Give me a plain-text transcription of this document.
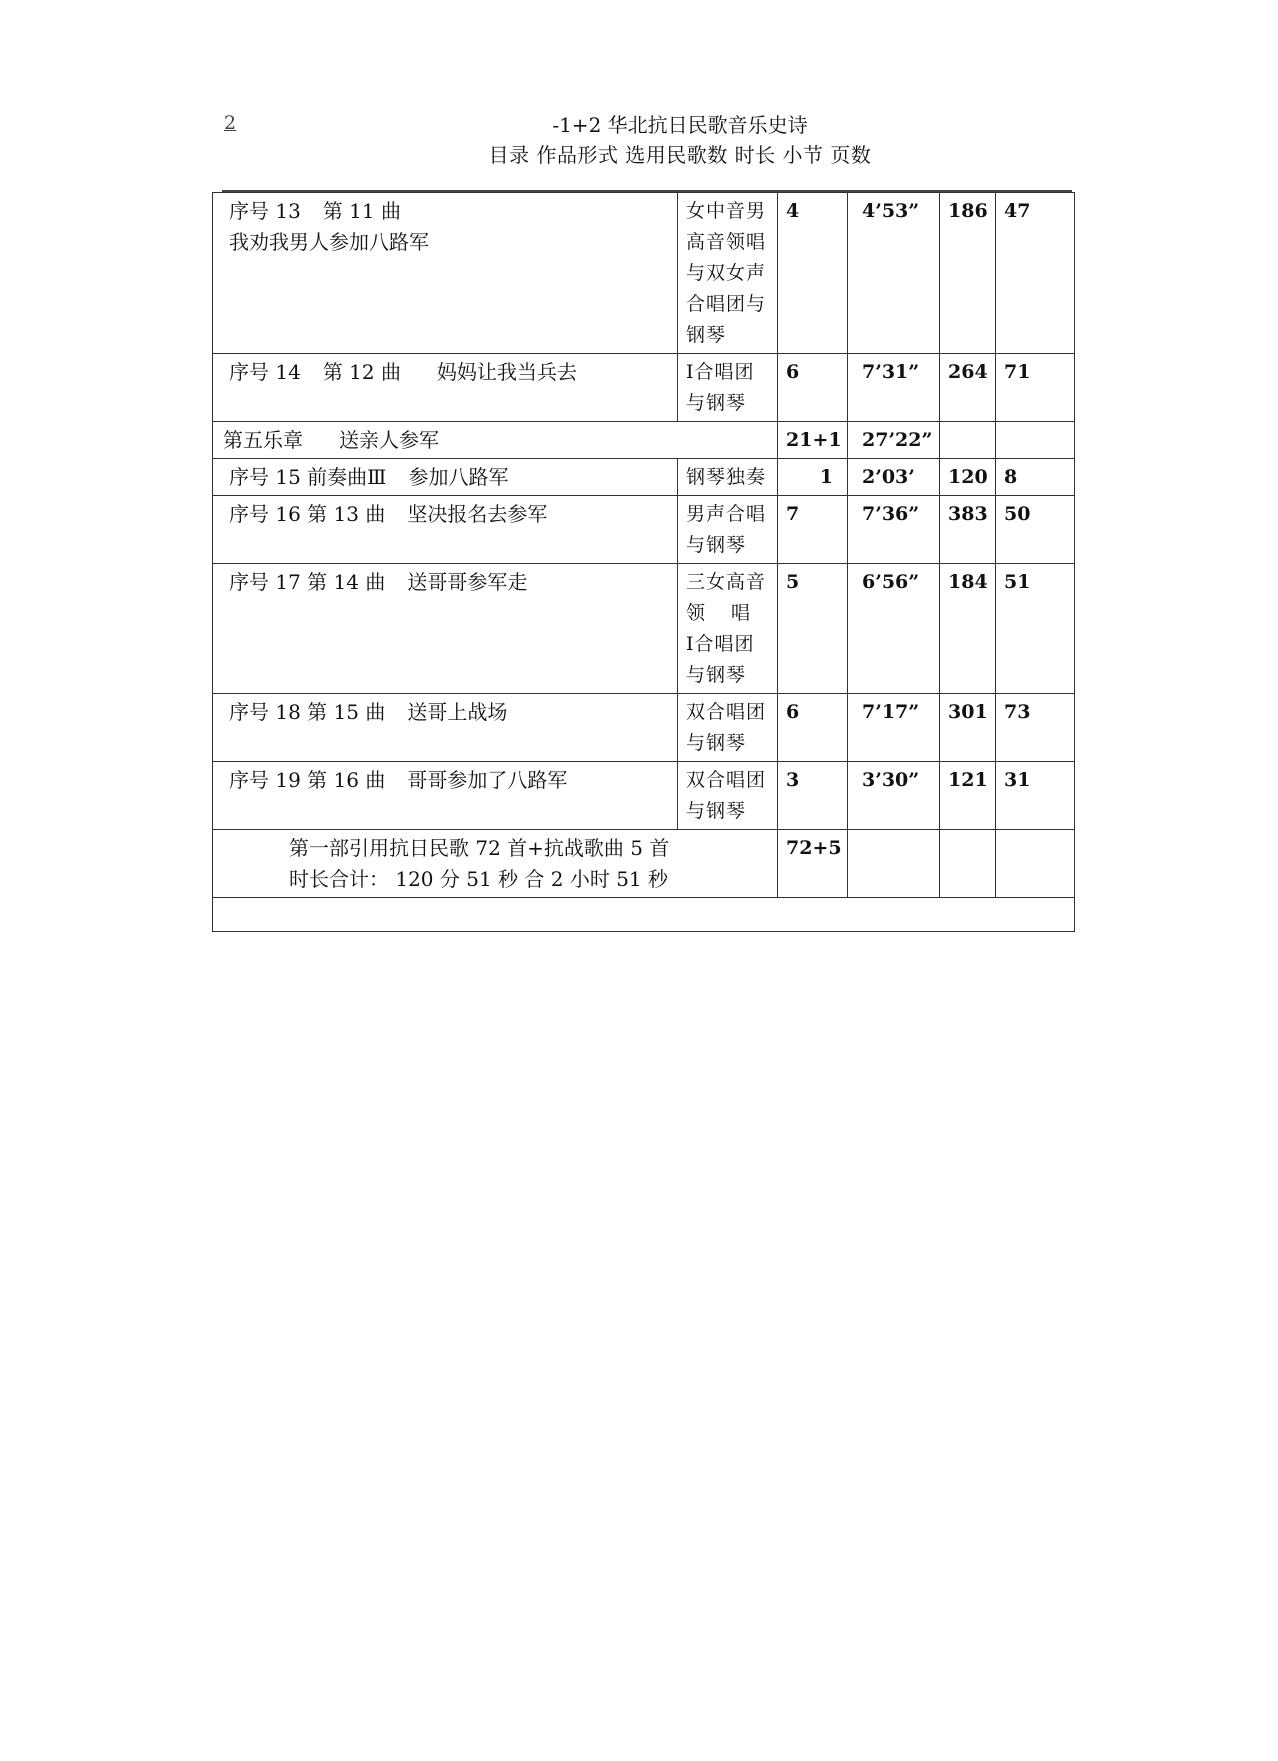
2	-1+2 华北抗日民歌音乐史诗
目录 作品形式 选用民歌数 时长 小节 页数
序号 13 第 11 曲
我劝我男人参加八路军	女中音男高音领唱与双女声合唱团与钢琴	4	4’53”	186	47
序号 14 第 12 曲 妈妈让我当兵去	Ⅰ合唱团与钢琴	6	7’31”	264	71
第五乐章 送亲人参军		21+1	27’22”		
序号 15 前奏曲Ⅲ 参加八路军	钢琴独奏	1	2’03’	120	8
序号 16 第 13 曲 坚决报名去参军	男声合唱与钢琴	7	7’36”	383	50
序号 17 第 14 曲 送哥哥参军走	三女高音
领 唱
Ⅰ合唱团
与钢琴	5	6’56”	184	51
序号 18 第 15 曲 送哥上战场	双合唱团与钢琴	6	7’17”	301	73
序号 19 第 16 曲 哥哥参加了八路军	双合唱团与钢琴	3	3’30”	121	31

第一部引用抗日民歌 72 首+抗战歌曲 5 首
时长合计： 120 分 51 秒 合 2 小时 51 秒		72+5			
